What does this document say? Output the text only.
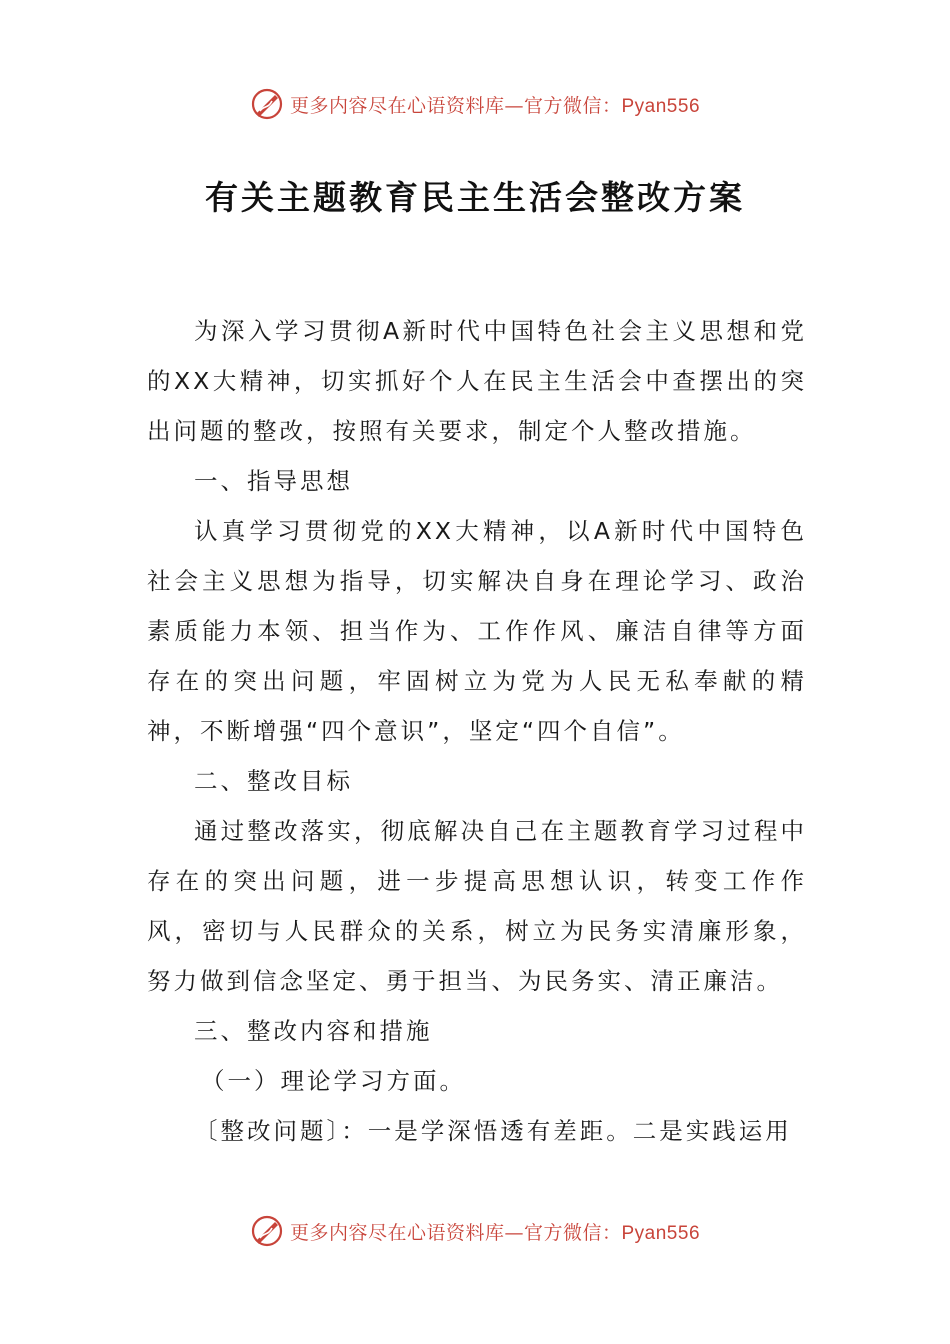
更多内容尽在心语资料库—官方微信：Pyan556
有关主题教育民主生活会整改方案

为深入学习贯彻A新时代中国特色社会主义思想和党的XX大精神，切实抓好个人在民主生活会中查摆出的突出问题的整改，按照有关要求，制定个人整改措施。

一、指导思想

认真学习贯彻党的XX大精神，以A新时代中国特色社会主义思想为指导，切实解决自身在理论学习、政治素质能力本领、担当作为、工作作风、廉洁自律等方面存在的突出问题，牢固树立为党为人民无私奉献的精神，不断增强“四个意识”，坚定“四个自信”。

二、整改目标

通过整改落实，彻底解决自己在主题教育学习过程中存在的突出问题，进一步提高思想认识，转变工作作风，密切与人民群众的关系，树立为民务实清廉形象，努力做到信念坚定、勇于担当、为民务实、清正廉洁。

三、整改内容和措施

（一）理论学习方面。

〔整改问题〕：一是学深悟透有差距。二是实践运用

更多内容尽在心语资料库—官方微信：Pyan556
